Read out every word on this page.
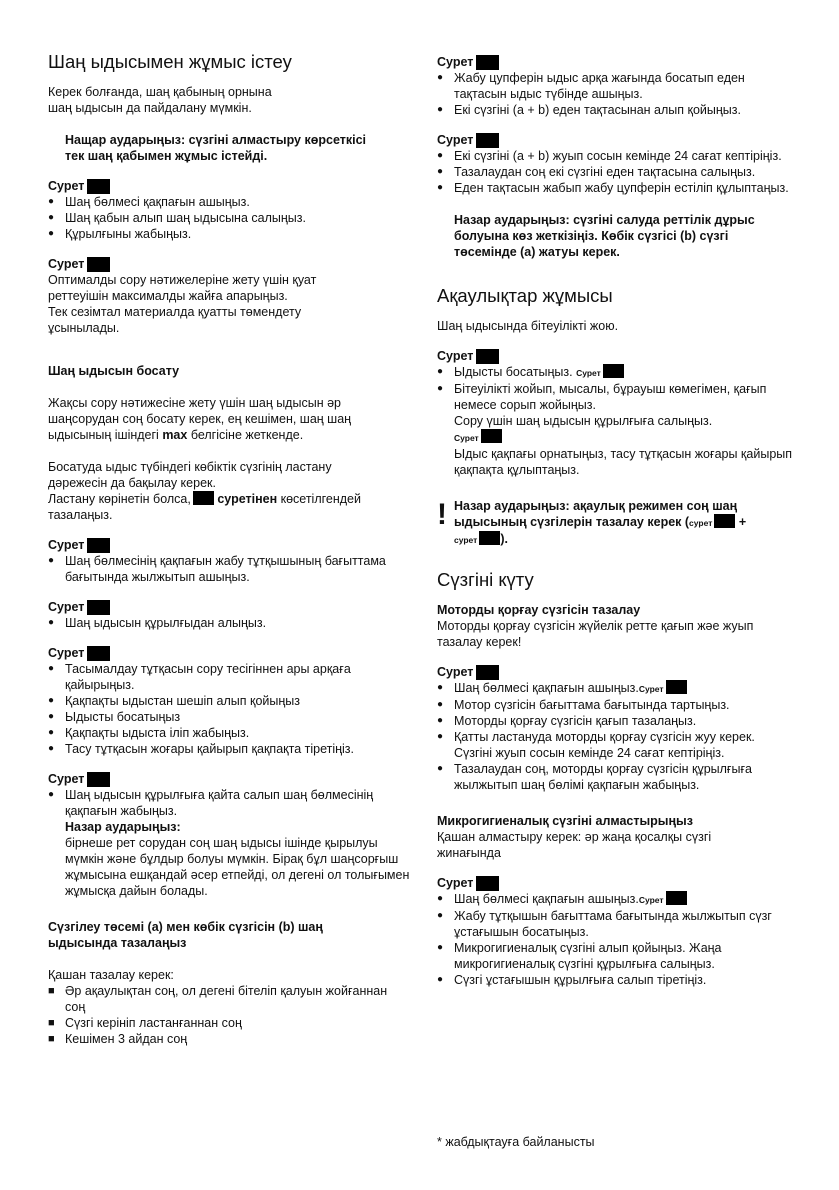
Шаң ыдысымен жұмыс істеу

Керек болғанда, шаң қабының орнына

шаң ыдысын да пайдалану мүмкін.

Нащар аударыңыз: сүзгіні алмастыру көрсеткісі
тек шаң қабымен жұмыс істейді.
Сурет
● Шаң бөлмесі қақпағын ашыңыз.
● Шаң қабын алып шаң ыдысына салыңыз.
● Құрылғыны жабыңыз.
Сурет

Оптималды сору нәтижелеріне жету үшін қуат

реттеуішін максималды жайға апарыңыз.

Тек сезімтал материалда қуатты төмендету

ұсынылады.

Шаң ыдысын босату

Жақсы сору нәтижесіне жету үшін шаң ыдысын әр

шаңсорудан соң босату керек, ең кешімен, шаң шаң

ыдысының ішіндегі max белгісіне жеткенде.

Босатуда ыдыс түбіндегі көбіктік сүзгінің ластану

дәрежесін да бақылау керек.

Ластану көрінетін болса, суретінен көсетілгендей

тазалаңыз.

Сурет
● Шаң бөлмесінің қақпағын жабу тұтқышының бағыттама бағытында жылжытып ашыңыз.
Сурет
● Шаң ыдысын құрылғыдан алыңыз.
Сурет
● Тасымалдау тұтқасын сору тесігіннен ары арқаға қайырыңыз.
● Қақпақты ыдыстан шешіп алып қойыңыз
● Ыдысты босатыңыз
● Қақпақты ыдыста іліп жабыңыз.
● Тасу тұтқасын жоғары қайырып қақпақта тіретіңіз.
Сурет
● Шаң ыдысын құрылғыға қайта салып шаң бөлмесінің қақпағын жабыңыз.
Назар аударыңыз:

бірнеше рет сорудан соң шаң ыдысы ішінде қырылуы мүмкін және бұлдыр болуы мүмкін. Бірақ бұл шаңсорғыш жұмысына ешқандай әсер етпейді, ол дегені ол толығымен жұмысқа дайын болады.

Сүзгілеу төсемі (a) мен көбік сүзгісін (b) шаң
ыдысында тазалаңыз

Қашан тазалау керек:

■ Әр ақаулықтан соң, ол дегені бітеліп қалуын жойғаннан соң
■ Сүзгі керініп ластанғаннан соң
■ Кешімен 3 айдан соң
Сурет
● Жабу цупферін ыдыс арқа жағында босатып еден тақтасын ыдыс түбінде ашыңыз.
● Екі сүзгіні (a + b) еден тақтасынан алып қойыңыз.
Сурет
● Екі сүзгіні (a + b) жуып сосын кемінде 24 сағат кептіріңіз.
● Тазалаудан соң екі сүзгіні еден тақтасына салыңыз.
● Еден тақтасын жабып жабу цупферін естіліп құлыптаңыз.
Назар аударыңыз: сүзгіні салуда реттілік дұрыс
болуына көз жеткізіңіз. Көбік сүзгісі (b) сүзгі
төсемінде (a) жатуы керек.
Ақаулықтар жұмысы

Шаң ыдысында бітеуілікті жою.

Сурет
● Ыдысты босатыңыз. Сурет
● Бітеуілікті жойып, мысалы, бұрауыш көмегімен, қағып немесе сорып жойыңыз.
Сору үшін шаң ыдысын құрылғыға салыңыз.
Сурет
Ыдыс қақпағы орнатыңыз, тасу тұтқасын жоғары қайырып қақпақта құлыптаңыз.
! Назар аударыңыз: ақаулық режимен соң шаң
ыдысының сүзгілерін тазалау керек (сурет +
сурет ).
Сүзгіні күту
Моторды қорғау сүзгісін тазалау

Моторды қорғау сүзгісін жүйелік ретте қағып жәе жуып

тазалау керек!

Сурет
● Шаң бөлмесі қақпағын ашыңыз.Сурет
● Мотор сүзгісін бағыттама бағытында тартыңыз.
● Моторды қорғау сүзгісін қағып тазалаңыз.
● Қатты ластануда моторды қорғау сүзгісін жуу керек. Сүзгіні жуып сосын кемінде 24 сағат кептіріңіз.
● Тазалаудан соң, моторды қорғау сүзгісін құрылғыға жылжытып шаң бөлімі қақпағын жабыңыз.
Микрогигиеналық сүзгіні алмастырыңыз

Қашан алмастыру керек: әр жаңа қосалқы сүзгі

жинағында

Сурет
● Шаң бөлмесі қақпағын ашыңыз.Сурет
● Жабу тұтқышын бағыттама бағытында жылжытып сүзг ұстағышын босатыңыз.
● Микрогигиеналық сүзгіні алып қойыңыз. Жаңа микрогигиеналық сүзгіні құрылғыға салыңыз.
● Сүзгі ұстағышын құрылғыға салып тіретіңіз.
* жабдықтауға байланысты
